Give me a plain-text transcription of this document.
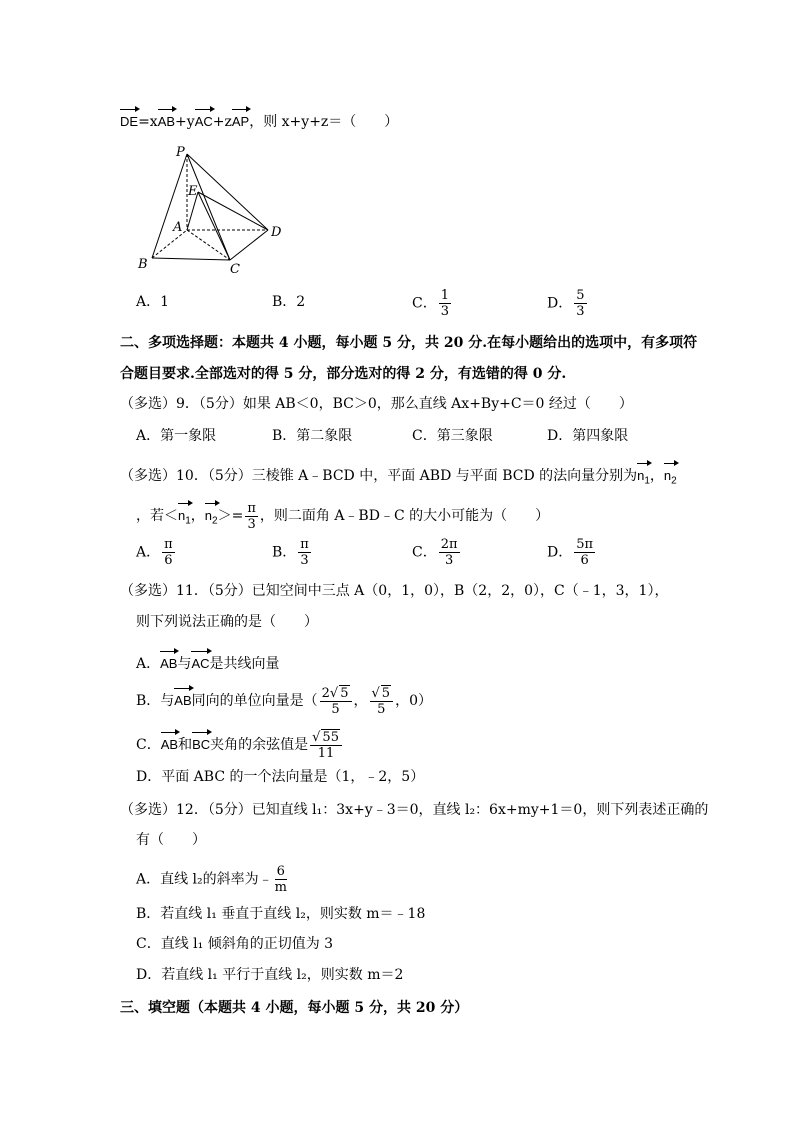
DE=xAB+yAC+zAP，则 x+y+z＝（　　）
P
E
A	D
B	C
A．1	B．2	C． $\frac{1}{3}$	D． $\frac{5}{3}$
二、多项选择题：本题共 4 小题，每小题 5 分，共 20 分.在每小题给出的选项中，有多项符
合题目要求.全部选对的得 5 分，部分选对的得 2 分，有选错的得 0 分.
（多选）9．（5分）如果 AB＜0，BC＞0，那么直线 Ax+By+C＝0 经过（　　）
A．第一象限	B．第二象限	C．第三象限	D．第四象限
（多选）10．（5分）三棱锥 A﹣BCD 中，平面 ABD 与平面 BCD 的法向量分别为$n_1$，$n_2$
，若$<n_1$，$n_2>= \frac{\pi}{3}$ ，则二面角 A﹣BD﹣C 的大小可能为（　　）
A． $\frac{\pi}{6}$	B． $\frac{\pi}{3}$	C． $\frac{2\pi}{3}$	D． $\frac{5\pi}{6}$
（多选）11．（5分）已知空间中三点 A（0，1，0），B（2，2，0），C（﹣1，3，1），
则下列说法正确的是（　　）
A．AB与AC是共线向量
B．与AB同向的单位向量是（ $\frac{2√ 5}{5}$ ， $\frac{√ 5}{5}$ ，0）
C．AB和BC夹角的余弦值是 $\frac{√ 55}{11}$
D．平面 ABC 的一个法向量是（1，﹣2，5）
（多选）12．（5分）已知直线 l₁：3x+y﹣3＝0，直线 l₂：6x+my+1＝0，则下列表述正确的
有（　　）
A．直线 l₂的斜率为﹣ $\frac{6}{m}$
B．若直线 l₁ 垂直于直线 l₂，则实数 m＝﹣18
C．直线 l₁ 倾斜角的正切值为 3
D．若直线 l₁ 平行于直线 l₂，则实数 m＝2
三、填空题（本题共 4 小题，每小题 5 分，共 20 分）
